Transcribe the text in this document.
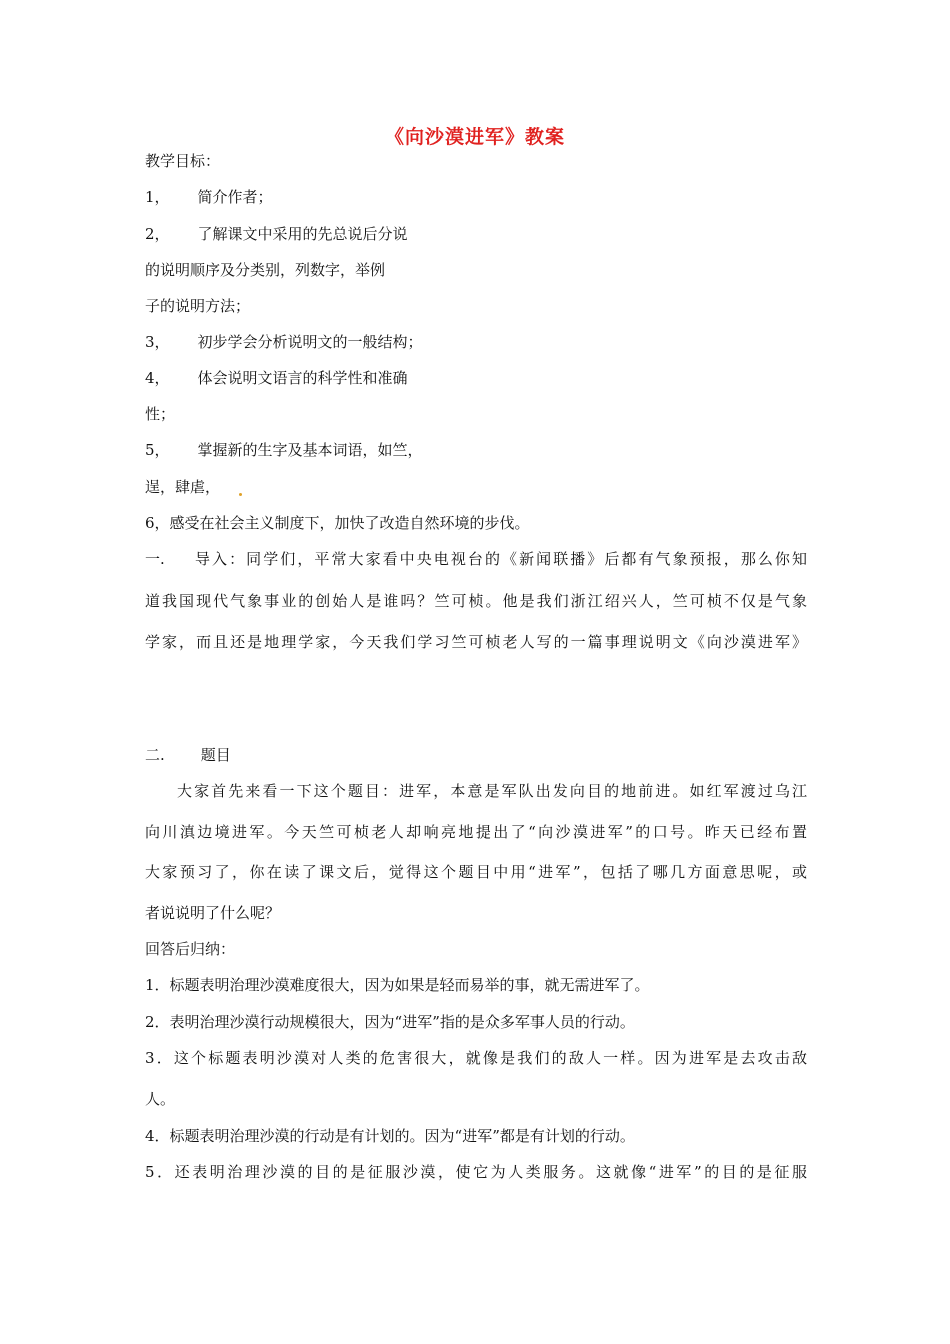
《向沙漠进军》教案
教学目标：
1， 简介作者；
2， 了解课文中采用的先总说后分说
的说明顺序及分类别，列数字，举例
子的说明方法；
3， 初步学会分析说明文的一般结构；
4， 体会说明文语言的科学性和准确
性；
5， 掌握新的生字及基本词语，如竺，
逞，肆虐，
6，感受在社会主义制度下，加快了改造自然环境的步伐。
一. 导入：同学们，平常大家看中央电视台的《新闻联播》后都有气象预报，那么你知
道我国现代气象事业的创始人是谁吗？竺可桢。他是我们浙江绍兴人，竺可桢不仅是气象
学家，而且还是地理学家，今天我们学习竺可桢老人写的一篇事理说明文《向沙漠进军》
二. 题目
大家首先来看一下这个题目：进军，本意是军队出发向目的地前进。如红军渡过乌江
向川滇边境进军。今天竺可桢老人却响亮地提出了“向沙漠进军”的口号。昨天已经布置
大家预习了，你在读了课文后，觉得这个题目中用“进军”，包括了哪几方面意思呢，或
者说说明了什么呢？
回答后归纳：
1．标题表明治理沙漠难度很大，因为如果是轻而易举的事，就无需进军了。
2．表明治理沙漠行动规模很大，因为“进军”指的是众多军事人员的行动。
3．这个标题表明沙漠对人类的危害很大，就像是我们的敌人一样。因为进军是去攻击敌
人。
4．标题表明治理沙漠的行动是有计划的。因为“进军”都是有计划的行动。
5．还表明治理沙漠的目的是征服沙漠，使它为人类服务。这就像“进军”的目的是征服
